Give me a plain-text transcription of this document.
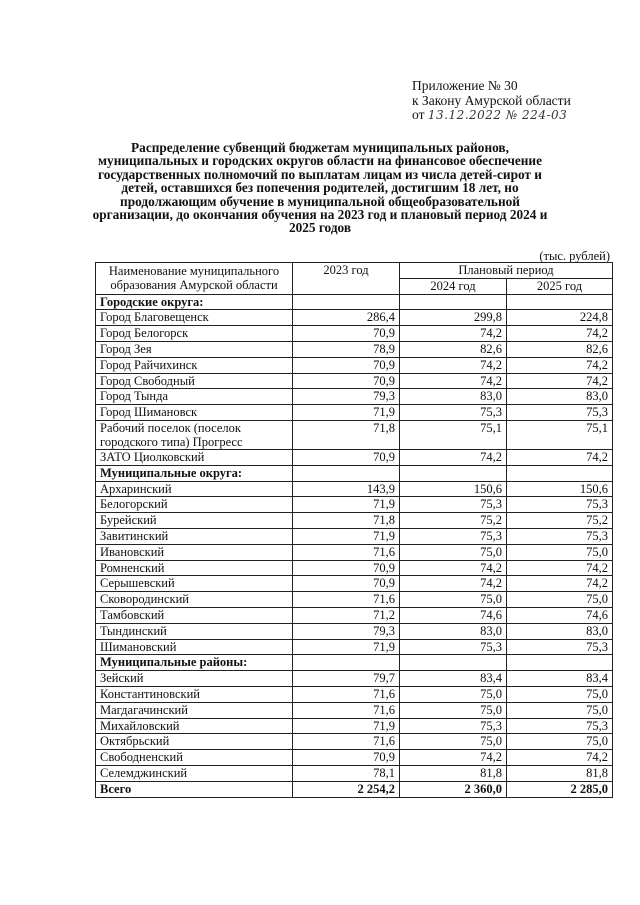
Приложение № 30
к Закону Амурской области
от 13.12.2022 № 224-03
Распределение субвенций бюджетам муниципальных районов, муниципальных и городских округов области на финансовое обеспечение государственных полномочий по выплатам лицам из числа детей-сирот и детей, оставшихся без попечения родителей, достигшим 18 лет, но продолжающим обучение в муниципальной общеобразовательной организации, до окончания обучения на 2023 год и плановый период 2024 и 2025 годов
(тыс. рублей)
Наименование муниципального образования Амурской области	2023 год	Плановый период	
		2024 год	2025 год
Городские округа:			
Город Благовещенск	286,4	299,8	224,8
Город Белогорск	70,9	74,2	74,2
Город Зея	78,9	82,6	82,6
Город Райчихинск	70,9	74,2	74,2
Город Свободный	70,9	74,2	74,2
Город Тында	79,3	83,0	83,0
Город Шимановск	71,9	75,3	75,3
Рабочий поселок (поселок городского типа) Прогресс	71,8	75,1	75,1
ЗАТО Циолковский	70,9	74,2	74,2
Муниципальные округа:			
Архаринский	143,9	150,6	150,6
Белогорский	71,9	75,3	75,3
Бурейский	71,8	75,2	75,2
Завитинский	71,9	75,3	75,3
Ивановский	71,6	75,0	75,0
Ромненский	70,9	74,2	74,2
Серышевский	70,9	74,2	74,2
Сковородинский	71,6	75,0	75,0
Тамбовский	71,2	74,6	74,6
Тындинский	79,3	83,0	83,0
Шимановский	71,9	75,3	75,3
Муниципальные районы:			
Зейский	79,7	83,4	83,4
Константиновский	71,6	75,0	75,0
Магдагачинский	71,6	75,0	75,0
Михайловский	71,9	75,3	75,3
Октябрьский	71,6	75,0	75,0
Свободненский	70,9	74,2	74,2
Селемджинский	78,1	81,8	81,8
Всего	2 254,2	2 360,0	2 285,0
